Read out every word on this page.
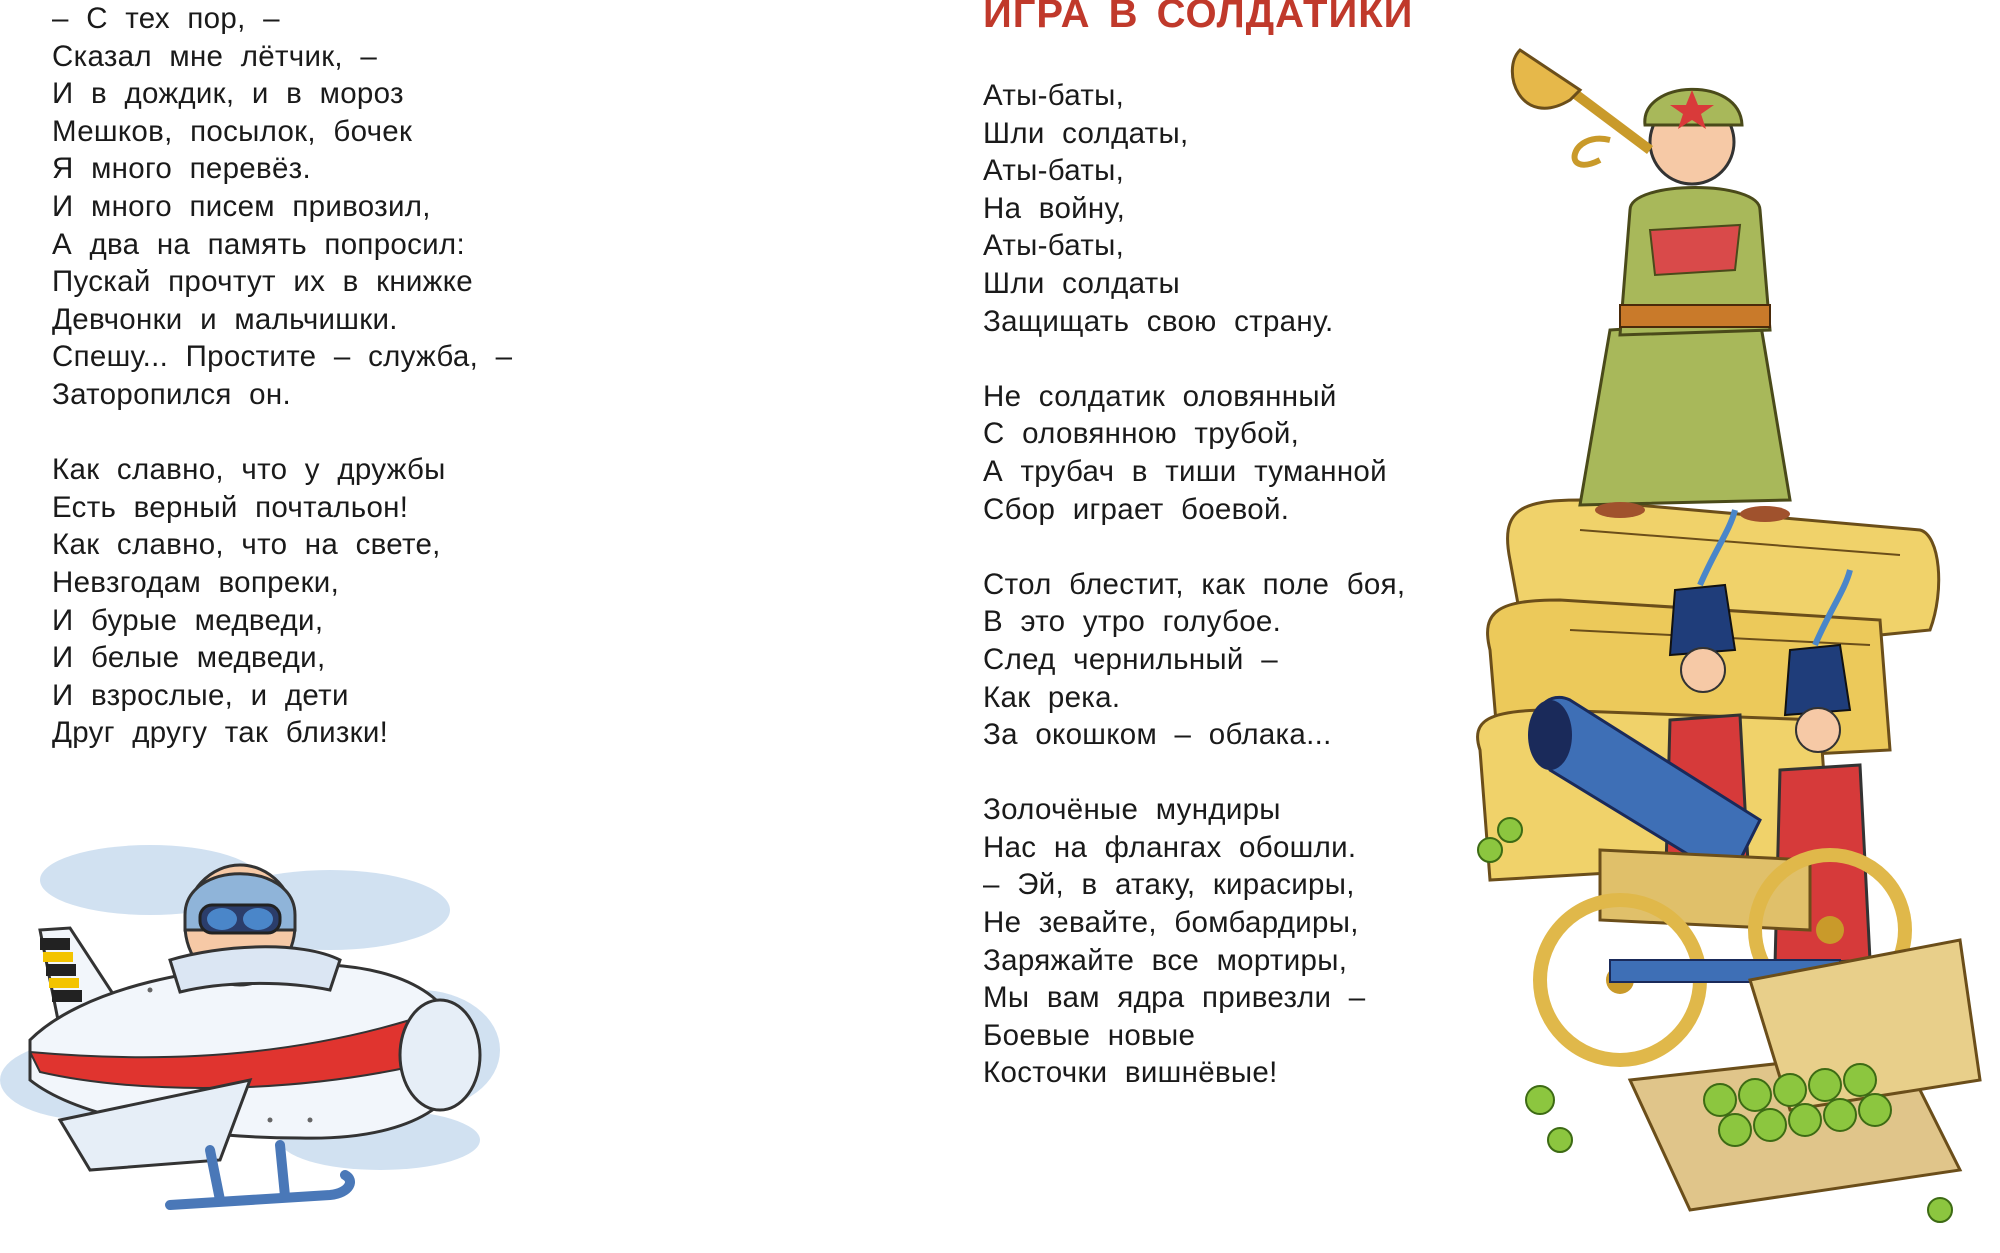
– С тех пор, –
Сказал мне лётчик, –
И в дождик, и в мороз
Мешков, посылок, бочек
Я много перевёз.
И много писем привозил,
А два на память попросил:
Пускай прочтут их в книжке
Девчонки и мальчишки.
Спешу... Простите – служба, –
Заторопился он.
Как славно, что у дружбы
Есть верный почтальон!
Как славно, что на свете,
Невзгодам вопреки,
И бурые медведи,
И белые медведи,
И взрослые, и дети
Друг другу так близки!
ИГРА В СОЛДАТИКИ
Аты-баты,
Шли солдаты,
Аты-баты,
На войну,
Аты-баты,
Шли солдаты
Защищать свою страну.
Не солдатик оловянный
С оловянною трубой,
А трубач в тиши туманной
Сбор играет боевой.
Стол блестит, как поле боя,
В это утро голубое.
След чернильный –
Как река.
За окошком – облака...
Золочёные мундиры
Нас на флангах обошли.
– Эй, в атаку, кирасиры,
Не зевайте, бомбардиры,
Заряжайте все мортиры,
Мы вам ядра привезли –
Боевые новые
Косточки вишнёвые!
